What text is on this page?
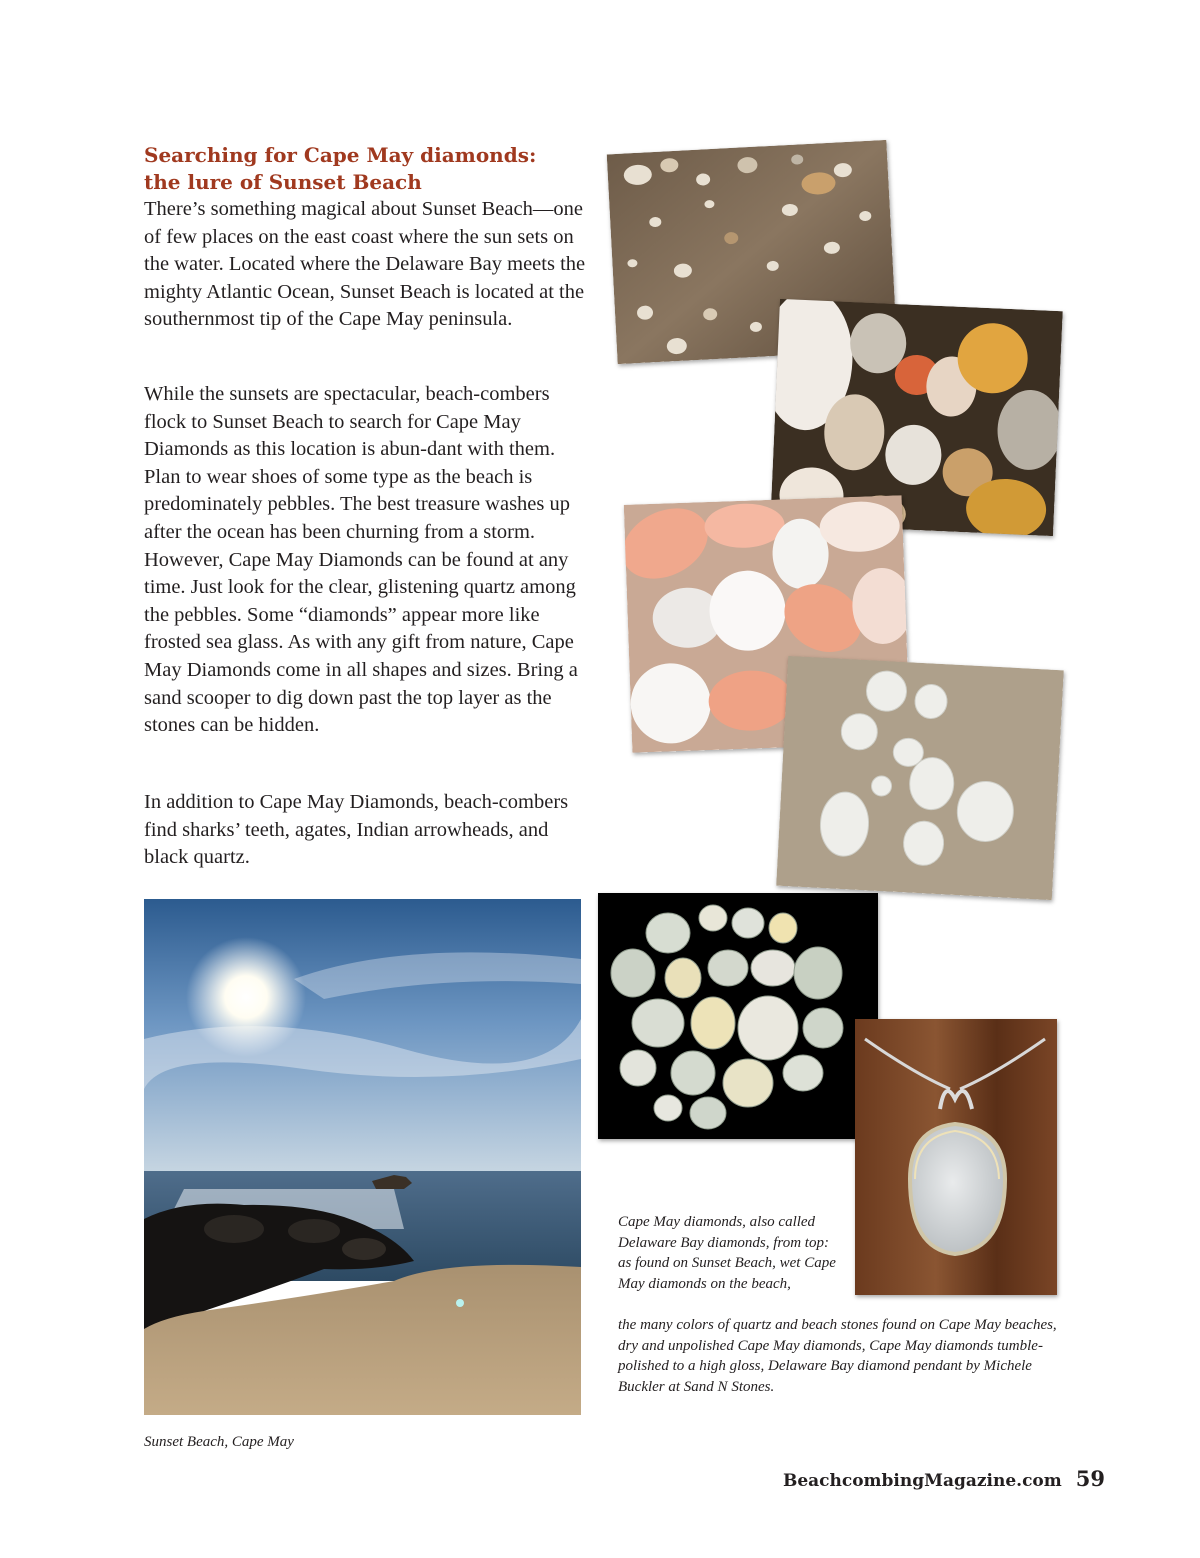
Searching for Cape May diamonds:
the lure of Sunset Beach

There’s something magical about Sunset Beach—one of few places on the east coast where the sun sets on the water. Located where the Delaware Bay meets the mighty Atlantic Ocean, Sunset Beach is located at the southernmost tip of the Cape May peninsula.

While the sunsets are spectacular, beach-combers flock to Sunset Beach to search for Cape May Diamonds as this location is abun-dant with them. Plan to wear shoes of some type as the beach is predominately pebbles. The best treasure washes up after the ocean has been churning from a storm. However, Cape May Diamonds can be found at any time. Just look for the clear, glistening quartz among the pebbles. Some “diamonds” appear more like frosted sea glass. As with any gift from nature, Cape May Diamonds come in all shapes and sizes. Bring a sand scooper to dig down past the top layer as the stones can be hidden.

In addition to Cape May Diamonds, beach-combers find sharks’ teeth, agates, Indian arrowheads, and black quartz.

Cape May diamonds, also called Delaware Bay diamonds, from top: as found on Sunset Beach, wet Cape May diamonds on the beach,

the many colors of quartz and beach stones found on Cape May beaches, dry and unpolished Cape May diamonds, Cape May diamonds tumble-polished to a high gloss, Delaware Bay diamond pendant by Michele Buckler at Sand N Stones.

Sunset Beach, Cape May

BeachcombingMagazine.com 59
